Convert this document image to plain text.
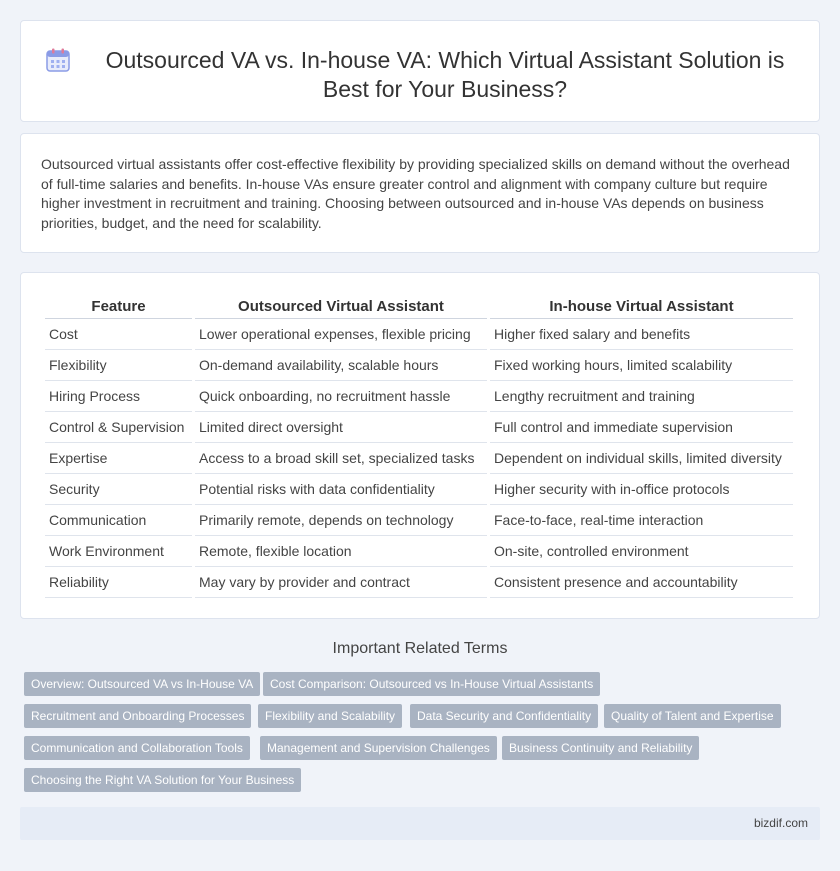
Outsourced VA vs. In-house VA: Which Virtual Assistant Solution is Best for Your Business?

Outsourced virtual assistants offer cost-effective flexibility by providing specialized skills on demand without the overhead of full-time salaries and benefits. In-house VAs ensure greater control and alignment with company culture but require higher investment in recruitment and training. Choosing between outsourced and in-house VAs depends on business priorities, budget, and the need for scalability.

Feature	Outsourced Virtual Assistant	In-house Virtual Assistant
Cost	Lower operational expenses, flexible pricing	Higher fixed salary and benefits
Flexibility	On-demand availability, scalable hours	Fixed working hours, limited scalability
Hiring Process	Quick onboarding, no recruitment hassle	Lengthy recruitment and training
Control & Supervision	Limited direct oversight	Full control and immediate supervision
Expertise	Access to a broad skill set, specialized tasks	Dependent on individual skills, limited diversity
Security	Potential risks with data confidentiality	Higher security with in-office protocols
Communication	Primarily remote, depends on technology	Face-to-face, real-time interaction
Work Environment	Remote, flexible location	On-site, controlled environment
Reliability	May vary by provider and contract	Consistent presence and accountability
Important Related Terms
Overview: Outsourced VA vs In-House VA	Cost Comparison: Outsourced vs In-House Virtual Assistants
Recruitment and Onboarding Processes	Flexibility and Scalability	Data Security and Confidentiality	Quality of Talent and Expertise
Communication and Collaboration Tools	Management and Supervision Challenges	Business Continuity and Reliability
Choosing the Right VA Solution for Your Business
bizdif.com
